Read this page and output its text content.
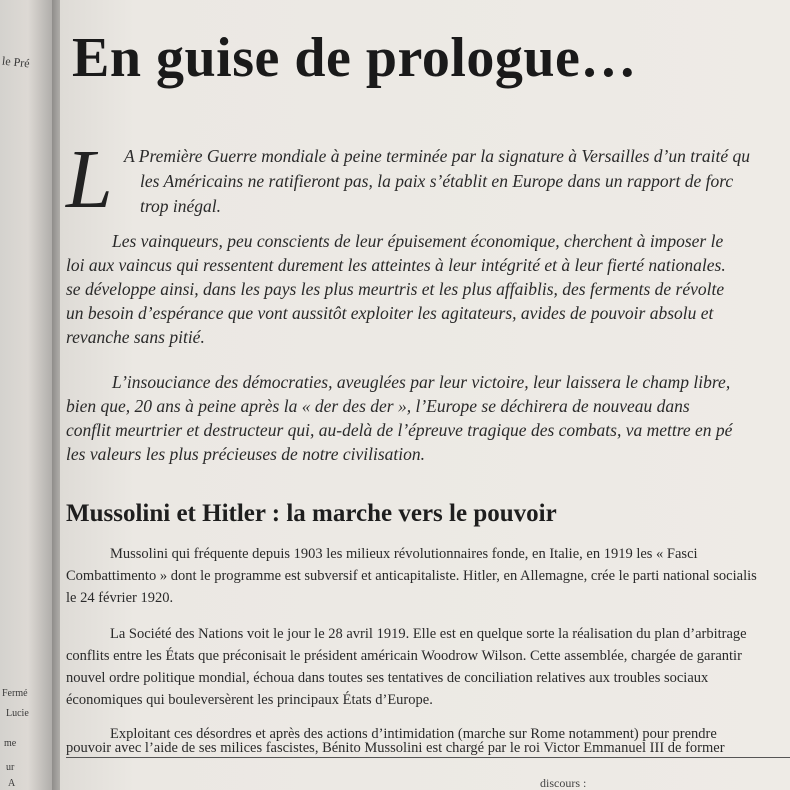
le Pré
Fermé
Lucie
me
ur
A
En guise de prologue…
L A Première Guerre mondiale à peine terminée par la signature à Versailles d’un traité qu
les Américains ne ratifieront pas, la paix s’établit en Europe dans un rapport de forc
trop inégal.
Les vainqueurs, peu conscients de leur épuisement économique, cherchent à imposer le
loi aux vaincus qui ressentent durement les atteintes à leur intégrité et à leur fierté nationales.
se développe ainsi, dans les pays les plus meurtris et les plus affaiblis, des ferments de révolte
un besoin d’espérance que vont aussitôt exploiter les agitateurs, avides de pouvoir absolu et
revanche sans pitié.
L’insouciance des démocraties, aveuglées par leur victoire, leur laissera le champ libre,
bien que, 20 ans à peine après la « der des der », l’Europe se déchirera de nouveau dans
conflit meurtrier et destructeur qui, au-delà de l’épreuve tragique des combats, va mettre en pé
les valeurs les plus précieuses de notre civilisation.
Mussolini et Hitler : la marche vers le pouvoir
Mussolini qui fréquente depuis 1903 les milieux révolutionnaires fonde, en Italie, en 1919 les « Fasci
Combattimento » dont le programme est subversif et anticapitaliste. Hitler, en Allemagne, crée le parti national socialis
le 24 février 1920.
La Société des Nations voit le jour le 28 avril 1919. Elle est en quelque sorte la réalisation du plan d’arbitrage
conflits entre les États que préconisait le président américain Woodrow Wilson. Cette assemblée, chargée de garantir
nouvel ordre politique mondial, échoua dans toutes ses tentatives de conciliation relatives aux troubles sociaux
économiques qui bouleversèrent les principaux États d’Europe.
Exploitant ces désordres et après des actions d’intimidation (marche sur Rome notamment) pour prendre
pouvoir avec l’aide de ses milices fascistes, Bénito Mussolini est chargé par le roi Victor Emmanuel III de former
discours :
